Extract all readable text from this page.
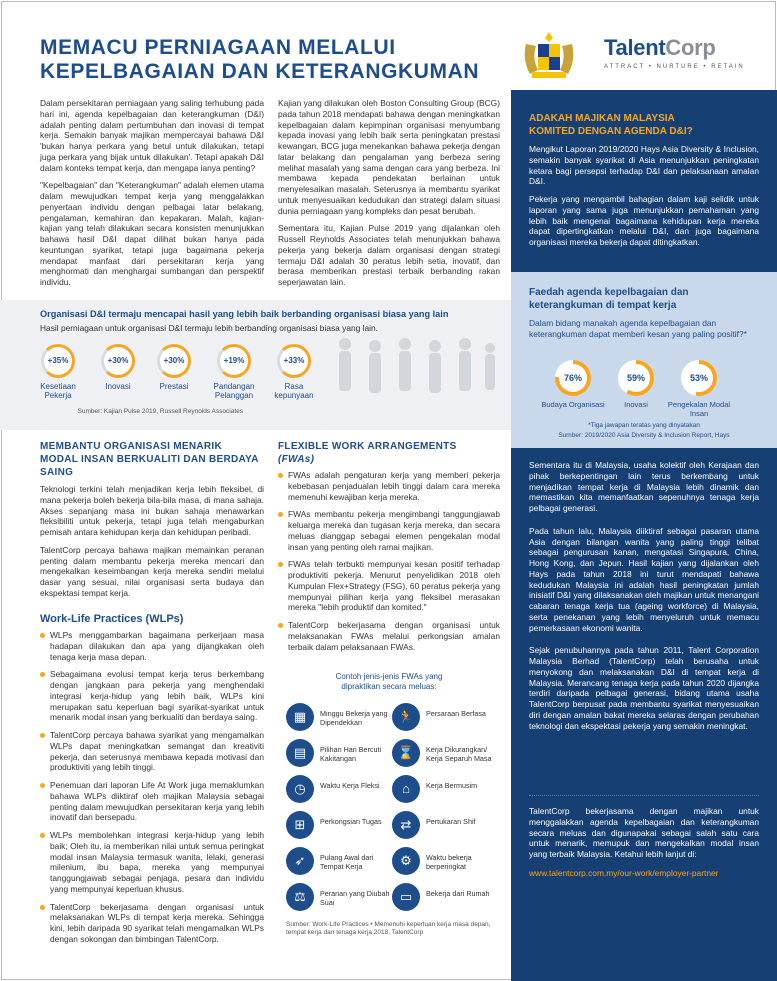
MEMACU PERNIAGAAN MELALUI
KEPELBAGAIAN DAN KETERANGKUMAN
TalentCorp
ATTRACT • NURTURE • RETAIN

Dalam persekitaran perniagaan yang saling terhubung pada hari ini, agenda kepelbagaian dan keterangkuman (D&I) adalah penting dalam pertumbuhan dan inovasi di tempat kerja. Semakin banyak majikan mempercayai bahawa D&I 'bukan hanya perkara yang betul untuk dilakukan, tetapi juga perkara yang bijak untuk dilakukan'. Tetapi apakah D&I dalam konteks tempat kerja, dan mengapa ianya penting?

"Kepelbagaian" dan "Keterangkuman" adalah elemen utama dalam mewujudkan tempat kerja yang menggalakkan penyertaan individu dengan pelbagai latar belakang, pengalaman, kemahiran dan kepakaran. Malah, kajian-kajian yang telah dilakukan secara konsisten menunjukkan bahawa hasil D&I dapat dilihat bukan hanya pada keuntungan syarikat, tetapi juga bagaimana pekerja mendapat manfaat dari persekitaran kerja yang menghormati dan menghargai sumbangan dan perspektif individu.

Kajian yang dilakukan oleh Boston Consulting Group (BCG) pada tahun 2018 mendapati bahawa dengan meningkatkan kepelbagaian dalam kepimpinan organisasi menyumbang kepada inovasi yang lebih baik serta peningkatan prestasi kewangan. BCG juga menekankan bahawa pekerja dengan latar belakang dan pengalaman yang berbeza sering melihat masalah yang sama dengan cara yang berbeza. Ini membawa kepada pendekatan berlainan untuk menyelesaikan masalah. Seterusnya ia membantu syarikat untuk menyesuaikan kedudukan dan strategi dalam situasi dunia perniagaan yang kompleks dan pesat berubah.

Sementara itu, Kajian Pulse 2019 yang dijalankan oleh Russell Reynolds Associates telah menunjukkan bahawa pekerja yang bekerja dalam organisasi dengan strategi termaju D&I adalah 30 peratus lebih setia, inovatif, dan berasa memberikan prestasi terbaik berbanding rakan seperjawatan lain.

Organisasi D&I termaju mencapai hasil yang lebih baik berbanding organisasi biasa yang lain
Hasil perniagaan untuk organisasi D&I termaju lebih berbanding organisasi biasa yang lain.
+35%
Kesetiaan Pekerja
+30%
Inovasi
+30%
Prestasi
+19%
Pandangan Pelanggan
+33%
Rasa kepunyaan
Sumber: Kajian Pulse 2019, Russell Reynolds Associates
MEMBANTU ORGANISASI MENARIK MODAL INSAN BERKUALITI DAN BERDAYA SAING

Teknologi terkini telah menjadikan kerja lebih fleksibel, di mana pekerja boleh bekerja bila-bila masa, di mana sahaja. Akses sepanjang masa ini bukan sahaja menawarkan fleksibiliti untuk pekerja, tetapi juga telah mengaburkan pemisah antara kehidupan kerja dan kehidupan peribadi.

TalentCorp percaya bahawa majikan memainkan peranan penting dalam membantu pekerja mereka mencari dan mengekalkan keseimbangan kerja mereka sendiri melalui dasar yang sesuai, nilai organisasi serta budaya dan ekspektasi tempat kerja.

Work-Life Practices (WLPs)
WLPs menggambarkan bagaimana perkerjaan masa hadapan dilakukan dan apa yang dijangkakan oleh tenaga kerja masa depan.
Sebagaimana evolusi tempat kerja terus berkembang dengan jangkaan para pekerja yang menghendaki integrasi kerja-hidup yang lebih baik, WLPs kini merupakan satu keperluan bagi syarikat-syarikat untuk menarik modal insan yang berkualiti dan berdaya saing.
TalentCorp percaya bahawa syarikat yang mengamalkan WLPs dapat meningkatkan semangat dan kreativiti pekerja, dan seterusnya membawa kepada motivasi dan produktiviti yang lebih tinggi.
Penemuan dari laporan Life At Work juga memaklumkan bahawa WLPs diiktiraf oleh majikan Malaysia sebagai penting dalam mewujudkan persekitaran kerja yang lebih inovatif dan bersepadu.
WLPs membolehkan integrasi kerja-hidup yang lebih baik; Oleh itu, ia memberikan nilai untuk semua peringkat modal insan Malaysia termasuk wanita, lelaki, generasi milenium, ibu bapa, mereka yang mempunyai tanggungjawab sebagai penjaga, pesara dan individu yang mempunyai keperluan khusus.
TalentCorp bekerjasama dengan organisasi untuk melaksanakan WLPs di tempat kerja mereka. Sehingga kini, lebih daripada 90 syarikat telah mengamalkan WLPs dengan sokongan dan bimbingan TalentCorp.
FLEXIBLE WORK ARRANGEMENTS
(FWAs)
FWAs adalah pengaturan kerja yang memberi pekerja kebebasan penjadualan lebih tinggi dalam cara mereka memenuhi kewajiban kerja mereka.
FWAs membantu pekerja mengimbangi tanggungjawab keluarga mereka dan tugasan kerja mereka, dan secara meluas dianggap sebagai elemen pengekalan modal insan yang penting oleh ramai majikan.
FWAs telah terbukti mempunyai kesan positif terhadap produktiviti pekerja. Menurut penyelidikan 2018 oleh Kumpulan Flex+Strategy (FSG), 60 peratus pekerja yang mempunyai pilihan kerja yang fleksibel merasakan mereka "lebih produktif dan komited."
TalentCorp bekerjasama dengan organisasi untuk melaksanakan FWAs melalui perkongsian amalan terbaik dalam pelaksanaan FWAs.
Contoh jenis-jenis FWAs yang
dipraktikan secara meluas:
Sumber: Work-Life Practices • Memenuhi keperluan kerja masa depan, tempat kerja dan tenaga kerja 2018, TalentCorp
ADAKAH MAJIKAN MALAYSIA
KOMITED DENGAN AGENDA D&I?

Mengikut Laporan 2019/2020 Hays Asia Diversity & Inclusion, semakin banyak syarikat di Asia menunjukkan peningkatan ketara bagi persepsi terhadap D&I dan pelaksanaan amalan D&I.

Pekerja yang mengambil bahagian dalam kaji selidik untuk laporan yang sama juga menunjukkan pemahaman yang lebih baik mengenai bagaimana kehidupan kerja mereka dapat dipertingkatkan melalui D&I, dan juga bagaimana organisasi mereka bekerja dapat ditingkatkan.

Faedah agenda kepelbagaian dan keterangkuman di tempat kerja
Dalam bidang manakah agenda kepelbagaian dan keterangkuman dapat memberi kesan yang paling positif?*
76%
Budaya Organisasi
59%
Inovasi
53%
Pengekalan Modal Insan
*Tiga jawapan teratas yang dinyatakan
Sumber: 2019/2020 Asia Diversity & Inclusion Report, Hays

Sementara itu di Malaysia, usaha kolektif oleh Kerajaan dan pihak berkepentingan lain terus berkembang untuk menjadikan tempat kerja di Malaysia lebih dinamik dan memastikan kita memanfaatkan sepenuhnya tenaga kerja pelbagai generasi.

Pada tahun lalu, Malaysia diiktiraf sebagai pasaran utama Asia dengan bilangan wanita yang paling tinggi telibat sebagai pengurusan kanan, mengatasi Singapura, China, Hong Kong, dan Jepun. Hasil kajian yang dijalankan oleh Hays pada tahun 2018 ini turut mendapati bahawa kedudukan Malaysia ini adalah hasil peningkatan jumlah inisiatif D&I yang dilaksanakan oleh majikan untuk menangani cabaran tenaga kerja tua (ageing workforce) di Malaysia, serta penekanan yang lebih menyeluruh untuk memacu pemerkasaan ekonomi wanita.

Sejak penubuhannya pada tahun 2011, Talent Corporation Malaysia Berhad (TalentCorp) telah berusaha untuk menyokong dan melaksanakan D&I di tempat kerja di Malaysia. Merancang tenaga kerja pada tahun 2020 dijangka terdiri daripada pelbagai generasi, bidang utama usaha TalentCorp berpusat pada membantu syarikat menyesuaikan diri dengan amalan bakat mereka selaras dengan perubahan teknologi dan ekspektasi pekerja yang semakin meningkat.

TalentCorp bekerjasama dengan majikan untuk menggalakkan agenda kepelbagaian dan keterangkuman secara meluas dan digunapakai sebagai salah satu cara untuk menarik, memupuk dan mengekalkan modal insan yang terbaik Malaysia. Ketahui lebih lanjut di:

www.talentcorp.com.my/our-work/employer-partner

▦	Minggu Bekerja yang Dipendekkan	🏃	Persaraan Berfasa
▤	Pilihan Hari Bercuti Kakitangan	⌛	Kerja Dikurangkan/ Kerja Separuh Masa
◷	Waktu Kerja Fleksi	⌂	Kerja Bermusim
⊞	Perkongsian Tugas	⇄	Pertukaran Shif
➶	Pulang Awal dari Tempat Kerja	⚙	Waktu bekerja berperingkat
⚖	Peranan yang Diubah Suai	▭	Bekerja dari Rumah
